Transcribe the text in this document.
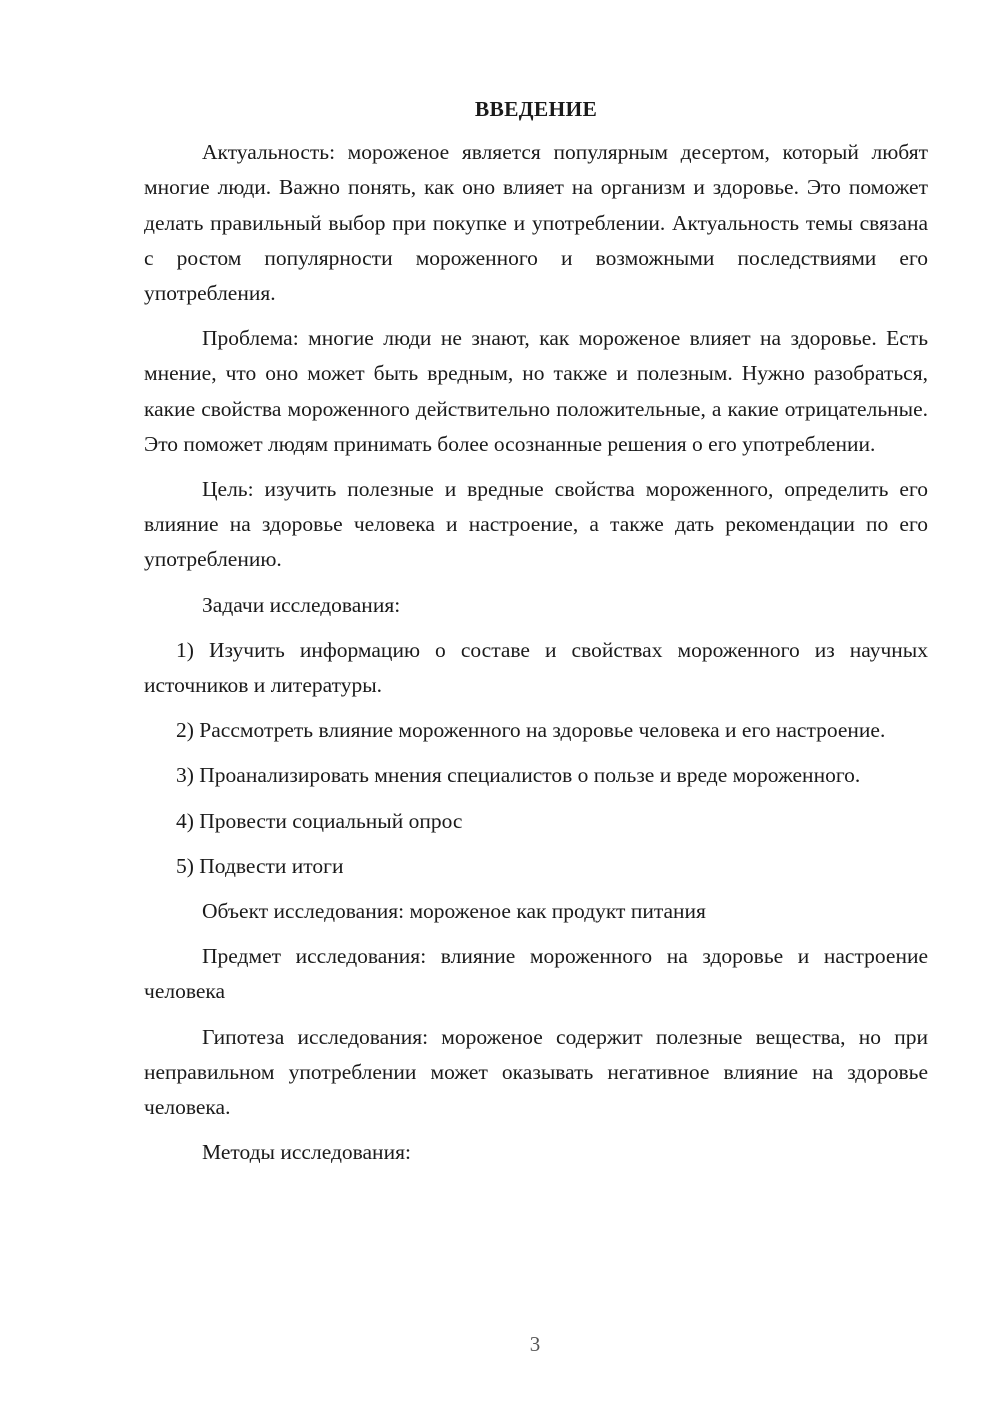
ВВЕДЕНИЕ

Актуальность: мороженое является популярным десертом, который любят многие люди. Важно понять, как оно влияет на организм и здоровье. Это поможет делать правильный выбор при покупке и употреблении. Актуальность темы связана с ростом популярности мороженного и возможными последствиями его употребления.

Проблема: многие люди не знают, как мороженое влияет на здоровье. Есть мнение, что оно может быть вредным, но также и полезным. Нужно разобраться, какие свойства мороженного действительно положительные, а какие отрицательные. Это поможет людям принимать более осознанные решения о его употреблении.

Цель: изучить полезные и вредные свойства мороженного, определить его влияние на здоровье человека и настроение, а также дать рекомендации по его употреблению.

Задачи исследования:

1) Изучить информацию о составе и свойствах мороженного из научных источников и литературы.

2) Рассмотреть влияние мороженного на здоровье человека и его настроение.

3) Проанализировать мнения специалистов о пользе и вреде мороженного.

4) Провести социальный опрос

5) Подвести итоги

Объект исследования: мороженое как продукт питания

Предмет исследования: влияние мороженного на здоровье и настроение человека

Гипотеза исследования: мороженое содержит полезные вещества, но при неправильном употреблении может оказывать негативное влияние на здоровье человека.

Методы исследования:

3
